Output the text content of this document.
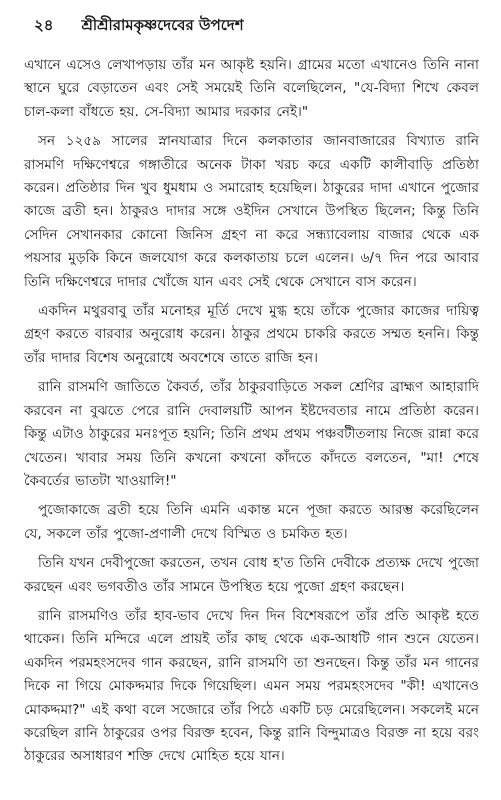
২৪ শ্রীশ্রীরামকৃষ্ণদেবের উপদেশ

এখানে এসেও লেখাপড়ায় তাঁর মন আকৃষ্ট হয়নি। গ্রামের মতো এখানেও তিনি নানা স্থানে ঘুরে বেড়াতেন এবং সেই সময়েই তিনি বলেছিলেন, "যে-বিদ্যা শিখে কেবল চাল-কলা বাঁধতে হয়. সে-বিদ্যা আমার দরকার নেই।"

সন ১২৫৯ সালের স্নানযাত্রার দিনে কলকাতার জানবাজারের বিখ্যাত রানি রাসমণি দক্ষিণেশ্বরে গঙ্গাতীরে অনেক টাকা খরচ করে একটি কালীবাড়ি প্রতিষ্ঠা করেন। প্রতিষ্ঠার দিন খুব ধুমধাম ও সমারোহ হয়েছিল। ঠাকুরের দাদা এখানে পুজোর কাজে ব্রতী হন। ঠাকুরও দাদার সঙ্গে ওইদিন সেখানে উপস্থিত ছিলেন; কিন্তু তিনি সেদিন সেখানকার কোনো জিনিস গ্রহণ না করে সন্ধ্যাবেলায় বাজার থেকে এক পয়সার মুড়কি কিনে জলযোগ করে কলকাতায় চলে এলেন। ৬/৭ দিন পরে আবার তিনি দক্ষিণেশ্বরে দাদার খোঁজে যান এবং সেই থেকে সেখানে বাস করেন।

একদিন মথুরবাবু তাঁর মনোহর মূর্তি দেখে মুগ্ধ হয়ে তাঁকে পুজোর কাজের দায়িত্ব গ্রহণ করতে বারবার অনুরোধ করেন। ঠাকুর প্রথমে চাকরি করতে সম্মত হননি। কিন্তু তাঁর দাদার বিশেষ অনুরোধে অবশেষে তাতে রাজি হন।

রানি রাসমণি জাতিতে কৈবর্ত, তাঁর ঠাকুরবাড়িতে সকল শ্রেণির ব্রাহ্মণ আহারাদি করবেন না বুঝতে পেরে রানি দেবালয়টি আপন ইষ্টদেবতার নামে প্রতিষ্ঠা করেন। কিন্তু এটাও ঠাকুরের মনঃপূত হয়নি; তিনি প্রথম প্রথম পঞ্চবটীতলায় নিজে রান্না করে খেতেন। খাবার সময় তিনি কখনো কখনো কাঁদতে কাঁদতে বলতেন, "মা! শেষে কৈবর্তের ভাতটা খাওয়ালি!"

পুজোকাজে ব্রতী হয়ে তিনি এমনি একান্ত মনে পূজা করতে আরম্ভ করেছিলেন যে, সকলে তাঁর পুজো-প্রণালী দেখে বিস্মিত ও চমকিত হত।

তিনি যখন দেবীপুজো করতেন, তখন বোধ হ'ত তিনি দেবীকে প্রত্যক্ষ দেখে পুজো করছেন এবং ভগবতীও তাঁর সামনে উপস্থিত হয়ে পুজো গ্রহণ করছেন।

রানি রাসমণিও তাঁর হাব-ভাব দেখে দিন দিন বিশেষরূপে তাঁর প্রতি আকৃষ্ট হতে থাকেন। তিনি মন্দিরে এলে প্রায়ই তাঁর কাছ থেকে এক-আধটি গান শুনে যেতেন। একদিন পরমহংসদেব গান করছেন, রানি রাসমণি তা শুনছেন। কিন্তু তাঁর মন গানের দিকে না গিয়ে মোকদ্দমার দিকে গিয়েছিল। এমন সময় পরমহংসদেব "কী! এখানেও মোকদ্দমা?" এই কথা বলে সজোরে তাঁর পিঠে একটি চড় মেরেছিলেন। সকলেই মনে করেছিল রানি ঠাকুরের ওপর বিরক্ত হবেন, কিন্তু রানি বিন্দুমাত্রও বিরক্ত না হয়ে বরং ঠাকুরের অসাধারণ শক্তি দেখে মোহিত হয়ে যান।
